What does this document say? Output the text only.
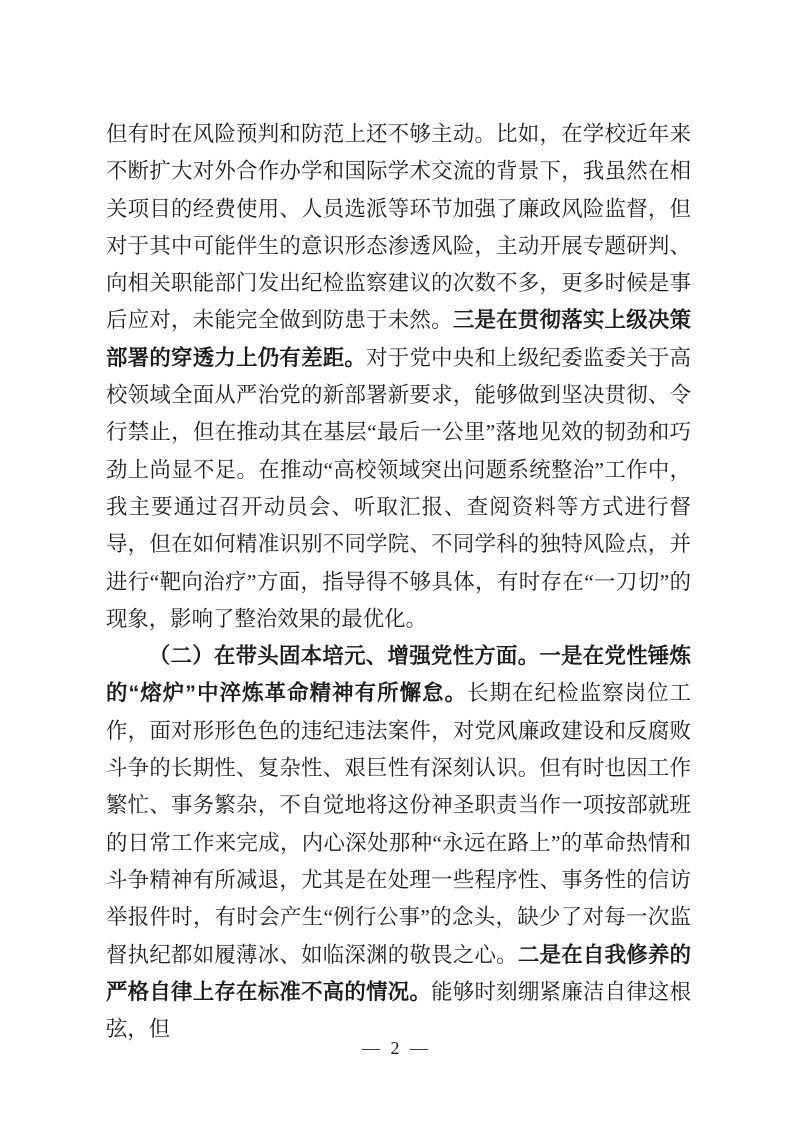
但有时在风险预判和防范上还不够主动。比如，在学校近年来不断扩大对外合作办学和国际学术交流的背景下，我虽然在相关项目的经费使用、人员选派等环节加强了廉政风险监督，但对于其中可能伴生的意识形态渗透风险，主动开展专题研判、向相关职能部门发出纪检监察建议的次数不多，更多时候是事后应对，未能完全做到防患于未然。三是在贯彻落实上级决策部署的穿透力上仍有差距。对于党中央和上级纪委监委关于高校领域全面从严治党的新部署新要求，能够做到坚决贯彻、令行禁止，但在推动其在基层“最后一公里”落地见效的韧劲和巧劲上尚显不足。在推动“高校领域突出问题系统整治”工作中，我主要通过召开动员会、听取汇报、查阅资料等方式进行督导，但在如何精准识别不同学院、不同学科的独特风险点，并进行“靶向治疗”方面，指导得不够具体，有时存在“一刀切”的现象，影响了整治效果的最优化。

（二）在带头固本培元、增强党性方面。一是在党性锤炼的“熔炉”中淬炼革命精神有所懈怠。长期在纪检监察岗位工作，面对形形色色的违纪违法案件，对党风廉政建设和反腐败斗争的长期性、复杂性、艰巨性有深刻认识。但有时也因工作繁忙、事务繁杂，不自觉地将这份神圣职责当作一项按部就班的日常工作来完成，内心深处那种“永远在路上”的革命热情和斗争精神有所减退，尤其是在处理一些程序性、事务性的信访举报件时，有时会产生“例行公事”的念头，缺少了对每一次监督执纪都如履薄冰、如临深渊的敬畏之心。二是在自我修养的严格自律上存在标准不高的情况。能够时刻绷紧廉洁自律这根弦，但

— 2 —
